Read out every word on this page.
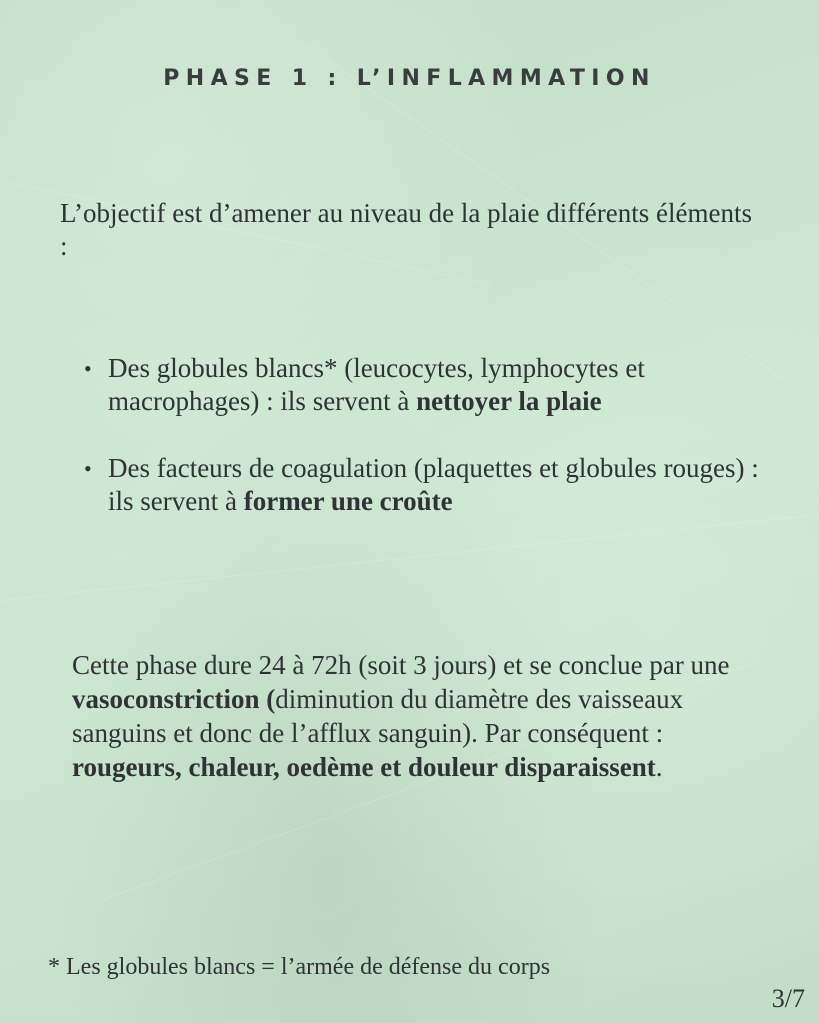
PHASE 1 : L’INFLAMMATION
L’objectif est d’amener au niveau de la plaie différents éléments :
• Des globules blancs* (leucocytes, lymphocytes et macrophages) : ils servent à nettoyer la plaie
• Des facteurs de coagulation (plaquettes et globules rouges) : ils servent à former une croûte
Cette phase dure 24 à 72h (soit 3 jours) et se conclue par une vasoconstriction (diminution du diamètre des vaisseaux sanguins et donc de l’afflux sanguin). Par conséquent : rougeurs, chaleur, oedème et douleur disparaissent.
* Les globules blancs = l’armée de défense du corps
3/7
